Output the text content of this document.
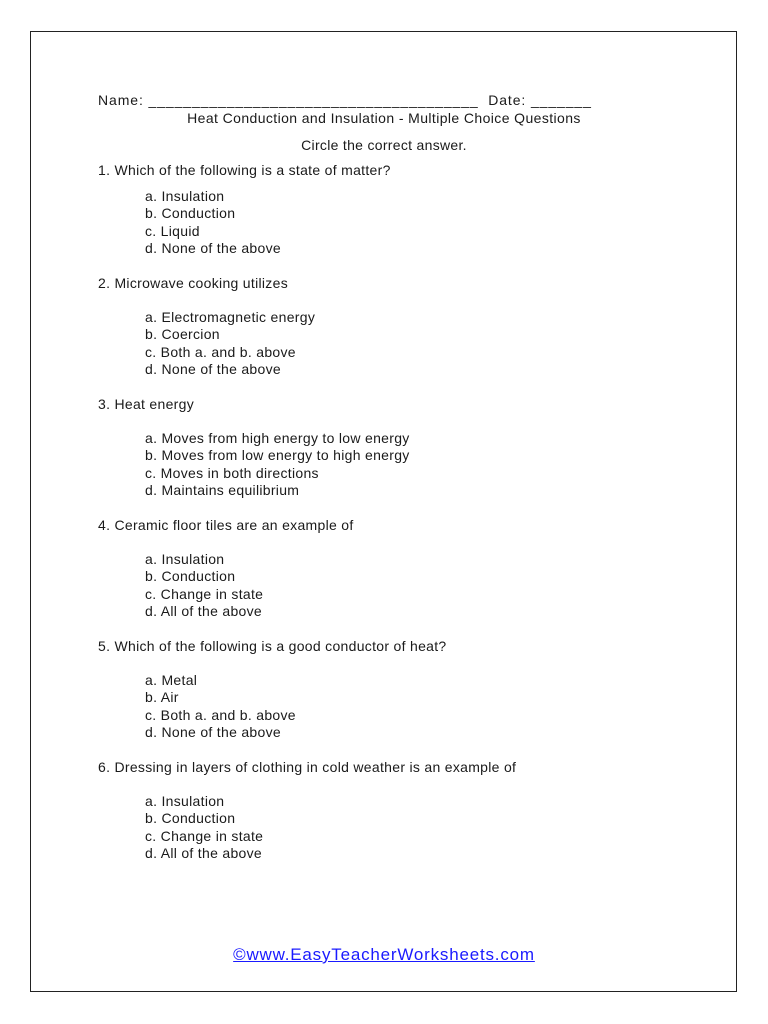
Name: ______________________________________ Date: _______
Heat Conduction and Insulation - Multiple Choice Questions
Circle the correct answer.
1. Which of the following is a state of matter?
a. Insulation
b. Conduction
c. Liquid
d. None of the above
2. Microwave cooking utilizes
a. Electromagnetic energy
b. Coercion
c. Both a. and b. above
d. None of the above
3. Heat energy
a. Moves from high energy to low energy
b. Moves from low energy to high energy
c. Moves in both directions
d. Maintains equilibrium
4. Ceramic floor tiles are an example of
a. Insulation
b. Conduction
c. Change in state
d. All of the above
5. Which of the following is a good conductor of heat?
a. Metal
b. Air
c. Both a. and b. above
d. None of the above
6. Dressing in layers of clothing in cold weather is an example of
a. Insulation
b. Conduction
c. Change in state
d. All of the above
©www.EasyTeacherWorksheets.com
